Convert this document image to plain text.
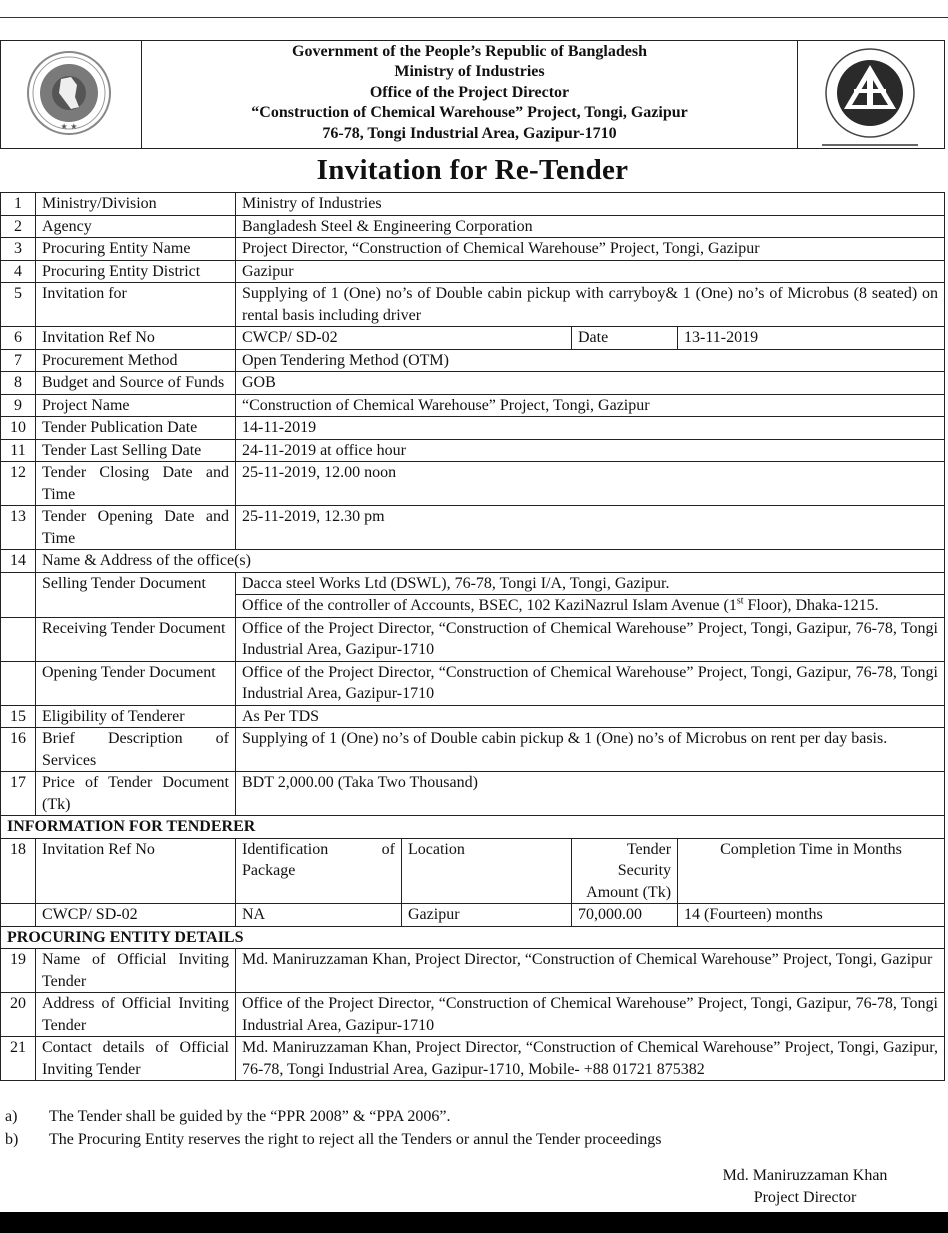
★ ★
Government of the People’s Republic of Bangladesh
Ministry of Industries
Office of the Project Director
“Construction of Chemical Warehouse” Project, Tongi, Gazipur
76-78, Tongi Industrial Area, Gazipur-1710
Invitation for Re-Tender
1	Ministry/Division	Ministry of Industries			
2	Agency	Bangladesh Steel & Engineering Corporation			
3	Procuring Entity Name	Project Director, “Construction of Chemical Warehouse” Project, Tongi, Gazipur			
4	Procuring Entity District	Gazipur			
5	Invitation for	Supplying of 1 (One) no’s of Double cabin pickup with carryboy& 1 (One) no’s of Microbus (8 seated) on rental basis including driver			
6	Invitation Ref No	CWCP/ SD-02		Date	13-11-2019
7	Procurement Method	Open Tendering Method (OTM)			
8	Budget and Source of Funds	GOB			
9	Project Name	“Construction of Chemical Warehouse” Project, Tongi, Gazipur			
10	Tender Publication Date	14-11-2019			
11	Tender Last Selling Date	24-11-2019 at office hour			
12	Tender Closing Date and Time	25-11-2019, 12.00 noon			
13	Tender Opening Date and Time	25-11-2019, 12.30 pm			
14	Name & Address of the office(s)				
	Selling Tender Document	Dacca steel Works Ltd (DSWL), 76-78, Tongi I/A, Tongi, Gazipur.			
		Office of the controller of Accounts, BSEC, 102 KaziNazrul Islam Avenue (1st Floor), Dhaka-1215.			
	Receiving Tender Document	Office of the Project Director, “Construction of Chemical Warehouse” Project, Tongi, Gazipur, 76-78, Tongi Industrial Area, Gazipur-1710			
	Opening Tender Document	Office of the Project Director, “Construction of Chemical Warehouse” Project, Tongi, Gazipur, 76-78, Tongi Industrial Area, Gazipur-1710			
15	Eligibility of Tenderer	As Per TDS			
16	Brief Description of Services	Supplying of 1 (One) no’s of Double cabin pickup & 1 (One) no’s of Microbus on rent per day basis.			
17	Price of Tender Document (Tk)	BDT 2,000.00 (Taka Two Thousand)			
INFORMATION FOR TENDERER					
18	Invitation Ref No	Identification of Package	Location	Tender Security Amount (Tk)	Completion Time in Months
	CWCP/ SD-02	NA	Gazipur	70,000.00	14 (Fourteen) months
PROCURING ENTITY DETAILS					
19	Name of Official Inviting Tender	Md. Maniruzzaman Khan, Project Director, “Construction of Chemical Warehouse” Project, Tongi, Gazipur			
20	Address of Official Inviting Tender	Office of the Project Director, “Construction of Chemical Warehouse” Project, Tongi, Gazipur, 76-78, Tongi Industrial Area, Gazipur-1710			
21	Contact details of Official Inviting Tender	Md. Maniruzzaman Khan, Project Director, “Construction of Chemical Warehouse” Project, Tongi, Gazipur, 76-78, Tongi Industrial Area, Gazipur-1710, Mobile- +88 01721 875382			
a) The Tender shall be guided by the “PPR 2008” & “PPA 2006”.
b) The Procuring Entity reserves the right to reject all the Tenders or annul the Tender proceedings
Md. Maniruzzaman Khan
Project Director
